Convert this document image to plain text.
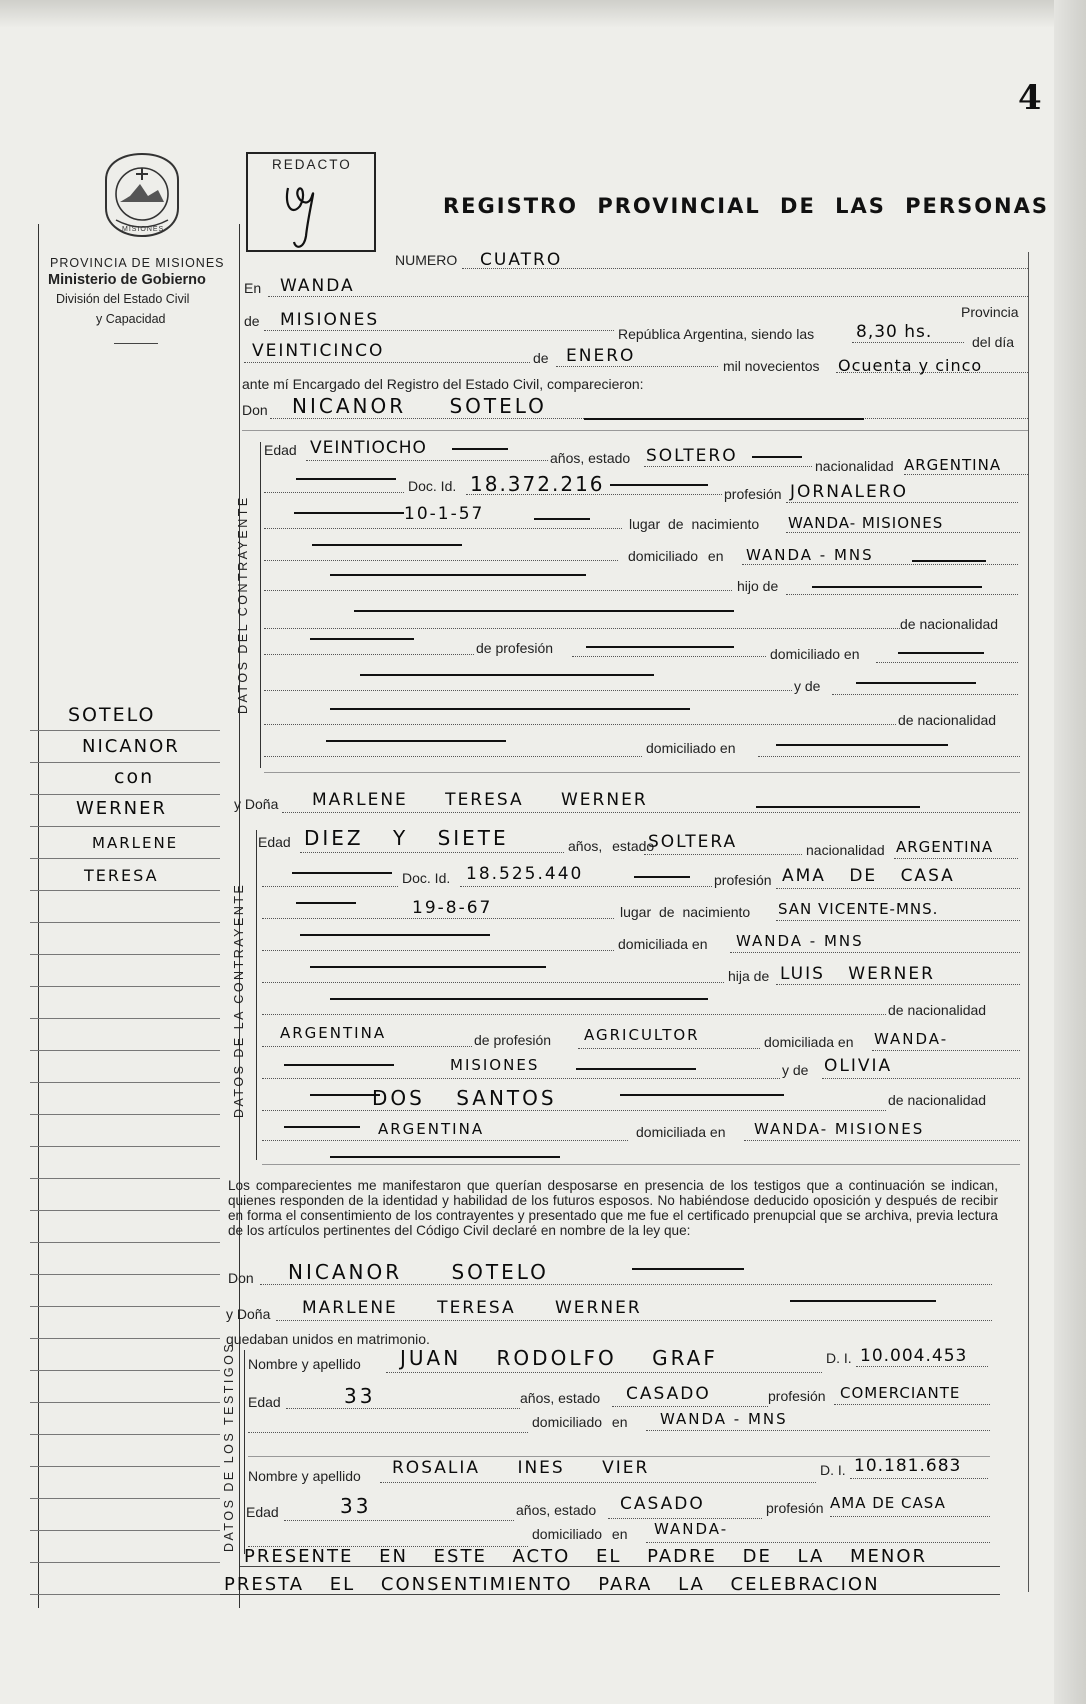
4
MISIONES
PROVINCIA DE MISIONES
Ministerio de Gobierno
División del Estado Civil
y Capacidad
REDACTO
REGISTRO PROVINCIAL DE LAS PERSONAS
NUMERO CUATRO
En WANDA
Provincia
de MISIONES
República Argentina, siendo las 8,30 hs.	del día
VEINTICINCO	de ENERO	mil novecientos Ocuenta y cinco
ante mí Encargado del Registro del Estado Civil, comparecieron:
Don NICANOR SOTELO
DATOS DEL CONTRAYENTE
Edad VEINTIOCHO	años, estado SOLTERO	nacionalidad ARGENTINA
Doc. Id. 18.372.216	profesión JORNALERO
10-1-57	lugar de nacimiento WANDA- MISIONES
domiciliado en WANDA - MNS
hijo de
de nacionalidad
de profesión	domiciliado en
y de
de nacionalidad
domiciliado en
y Doña MARLENE TERESA WERNER
DATOS DE LA CONTRAYENTE
Edad DIEZ Y SIETE	años, estado
SOLTERA	nacionalidad ARGENTINA
Doc. Id. 18.525.440	profesión AMA DE CASA
19-8-67	lugar de nacimiento SAN VICENTE-MNS.
domiciliada en WANDA - MNS
hija de LUIS WERNER
de nacionalidad
ARGENTINA	de profesión AGRICULTOR	domiciliada en WANDA-
MISIONES	y de OLIVIA
DOS SANTOS	de nacionalidad
ARGENTINA	domiciliada en WANDA- MISIONES
Los comparecientes me manifestaron que querían desposarse en presencia de los testigos que a continuación se indican, quienes responden de la identidad y habilidad de los futuros esposos. No habiéndose deducido oposición y después de recibir en forma el consentimiento de los contrayentes y presentado que me fue el certificado prenupcial que se archiva, previa lectura de los artículos pertinentes del Código Civil declaré en nombre de la ley que:
Don NICANOR SOTELO
y Doña MARLENE TERESA WERNER
quedaban unidos en matrimonio.
DATOS DE LOS TESTIGOS Nombre y apellido JUAN RODOLFO GRAF	D. I. 10.004.453
Edad	33	años, estado CASADO	profesión COMERCIANTE
domiciliado en WANDA - MNS
Nombre y apellido ROSALIA INES VIER	D. I. 10.181.683
Edad	33	años, estado CASADO	profesión AMA DE CASA
domiciliado en WANDA-
PRESENTE EN ESTE ACTO EL PADRE DE LA MENOR
PRESTA EL CONSENTIMIENTO PARA LA CELEBRACION
SOTELO
NICANOR
con
WERNER
MARLENE
TERESA
